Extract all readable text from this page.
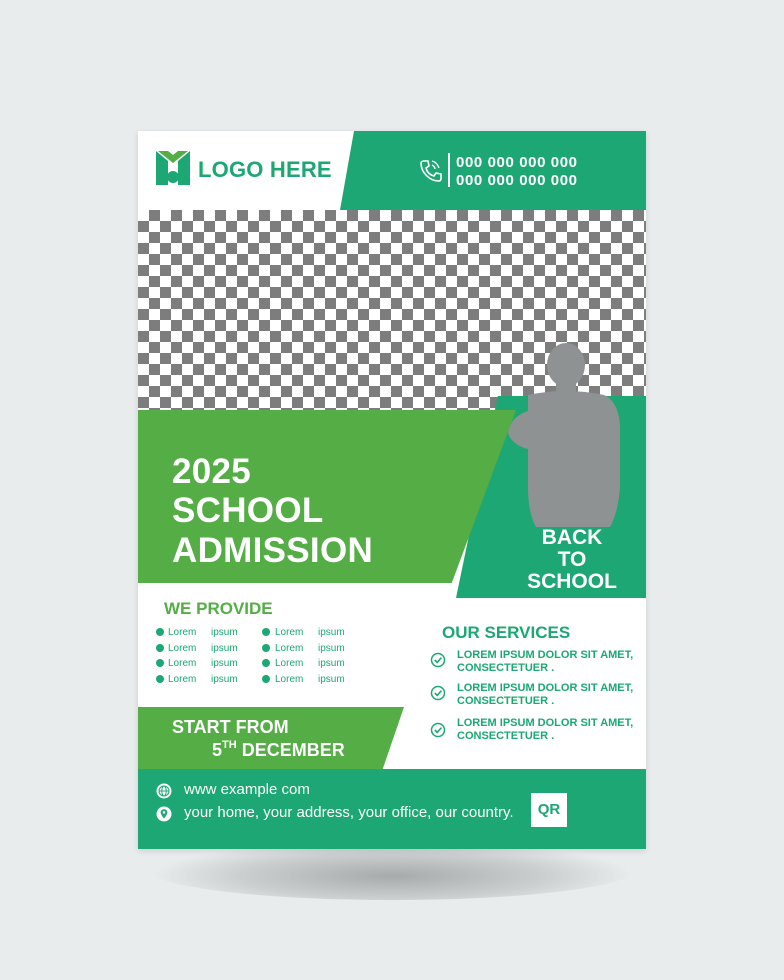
LOGO HERE	000 000 000 000
000 000 000 000
2025
SCHOOL
ADMISSION	BACK
TO
SCHOOL
WE PROVIDE
Lorem ipsum	Lorem ipsum
Lorem ipsum	Lorem ipsum
Lorem ipsum	Lorem ipsum
Lorem ipsum	Lorem ipsum
OUR SERVICES
LOREM IPSUM DOLOR SIT AMET,
CONSECTETUER .
LOREM IPSUM DOLOR SIT AMET,
CONSECTETUER .
LOREM IPSUM DOLOR SIT AMET,
CONSECTETUER .
START FROM
5TH DECEMBER
www example com
your home, your address, your office, our country.	QR
